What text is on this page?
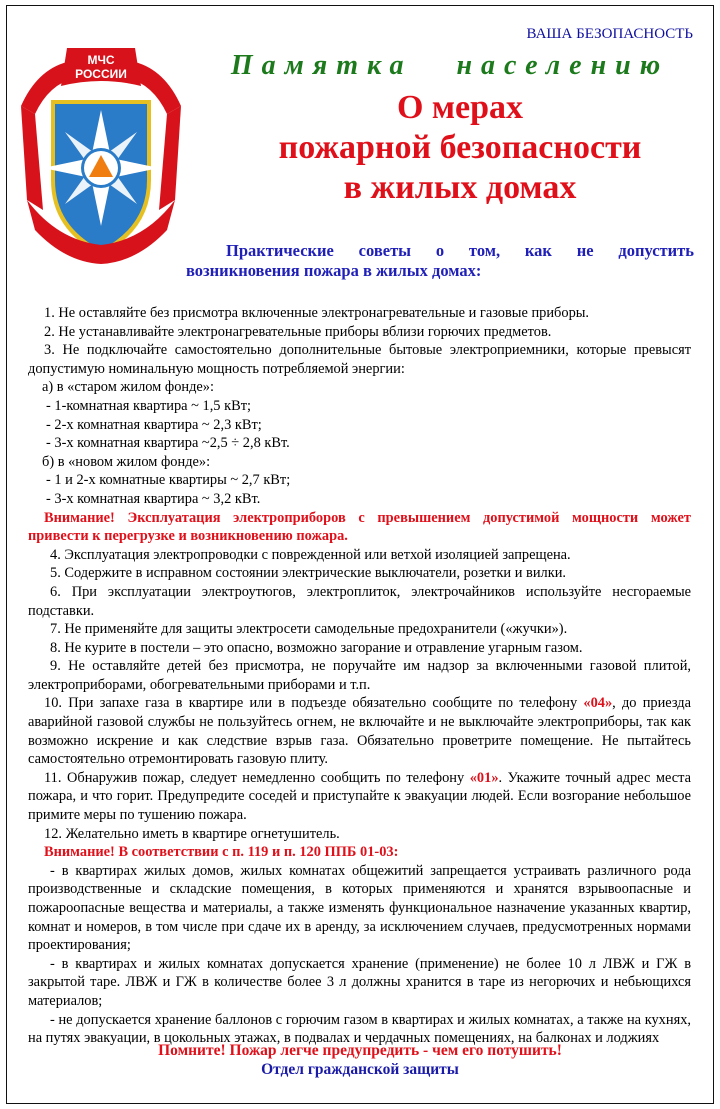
ВАША БЕЗОПАСНОСТЬ
МЧС
РОССИИ	Памятка населению
О мерах
пожарной безопасности
в жилых домах
Практические советы о том, как не допустить
возникновения пожара в жилых домах:

1. Не оставляйте без присмотра включенные электронагревательные и газовые приборы.

2. Не устанавливайте электронагревательные приборы вблизи горючих предметов.

3. Не подключайте самостоятельно дополнительные бытовые электроприемники, которые превысят допустимую номинальную мощность потребляемой энергии:

а) в «старом жилом фонде»:

- 1-комнатная квартира ~ 1,5 кВт;

- 2-х комнатная квартира ~ 2,3 кВт;

- 3-х комнатная квартира ~2,5 ÷ 2,8 кВт.

б) в «новом жилом фонде»:

- 1 и 2-х комнатные квартиры ~ 2,7 кВт;

- 3-х комнатная квартира ~ 3,2 кВт.

Внимание! Эксплуатация электроприборов с превышением допустимой мощности может привести к перегрузке и возникновению пожара.

4. Эксплуатация электропроводки с поврежденной или ветхой изоляцией запрещена.

5. Содержите в исправном состоянии электрические выключатели, розетки и вилки.

6. При эксплуатации электроутюгов, электроплиток, электрочайников используйте несгораемые подставки.

7. Не применяйте для защиты электросети самодельные предохранители («жучки»).

8. Не курите в постели – это опасно, возможно загорание и отравление угарным газом.

9. Не оставляйте детей без присмотра, не поручайте им надзор за включенными газовой плитой, электроприборами, обогревательными приборами и т.п.

10. При запахе газа в квартире или в подъезде обязательно сообщите по телефону «04», до приезда аварийной газовой службы не пользуйтесь огнем, не включайте и не выключайте электроприборы, так как возможно искрение и как следствие взрыв газа. Обязательно проветрите помещение. Не пытайтесь самостоятельно отремонтировать газовую плиту.

11. Обнаружив пожар, следует немедленно сообщить по телефону «01». Укажите точный адрес места пожара, и что горит. Предупредите соседей и приступайте к эвакуации людей. Если возгорание небольшое примите меры по тушению пожара.

12. Желательно иметь в квартире огнетушитель.

Внимание! В соответствии с п. 119 и п. 120 ППБ 01-03:

- в квартирах жилых домов, жилых комнатах общежитий запрещается устраивать различного рода производственные и складские помещения, в которых применяются и хранятся взрывоопасные и пожароопасные вещества и материалы, а также изменять функциональное назначение указанных квартир, комнат и номеров, в том числе при сдаче их в аренду, за исключением случаев, предусмотренных нормами проектирования;

- в квартирах и жилых комнатах допускается хранение (применение) не более 10 л ЛВЖ и ГЖ в закрытой таре. ЛВЖ и ГЖ в количестве более 3 л должны хранится в таре из негорючих и небьющихся материалов;

- не допускается хранение баллонов с горючим газом в квартирах и жилых комнатах, а также на кухнях, на путях эвакуации, в цокольных этажах, в подвалах и чердачных помещениях, на балконах и лоджиях

Помните! Пожар легче предупредить - чем его потушить!
Отдел гражданской защиты
